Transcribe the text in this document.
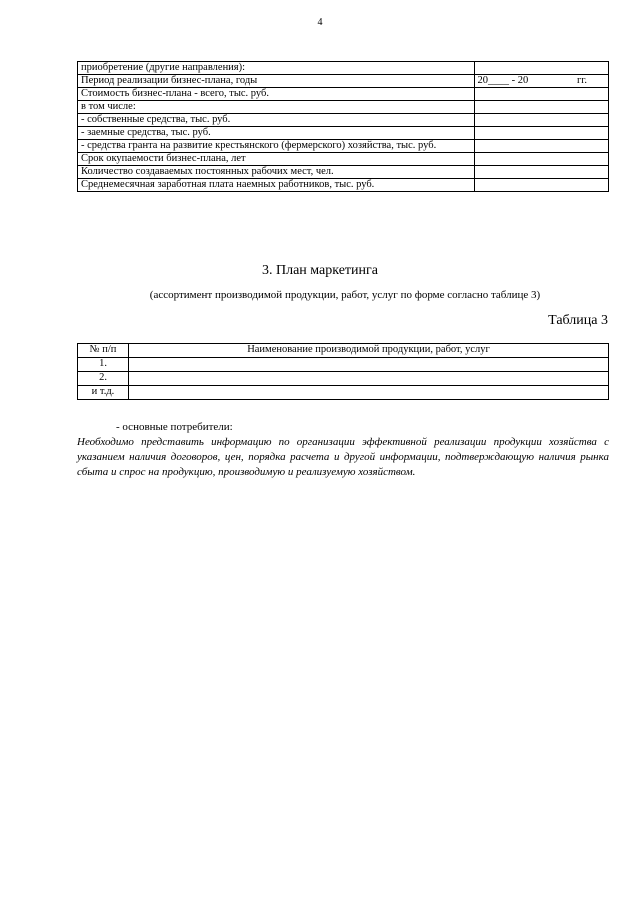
4
приобретение (другие направления):	
Период реализации бизнес-плана, годы	20____ - 20 гг.

Стоимость бизнес-плана - всего, тыс. руб.	
в том числе:	
- собственные средства, тыс. руб.	
- заемные средства, тыс. руб.	
- средства гранта на развитие крестьянского (фермерского) хозяйства, тыс. руб.	
Срок окупаемости бизнес-плана, лет	
Количество создаваемых постоянных рабочих мест, чел.	
Среднемесячная заработная плата наемных работников, тыс. руб.	
3. План маркетинга
(ассортимент производимой продукции, работ, услуг по форме согласно таблице 3)
Таблица 3
№ п/п	Наименование производимой продукции, работ, услуг
1.	
2.	
и т.д.	
- основные потребители:
Необходимо представить информацию по организации эффективной реализации продукции хозяйства с указанием наличия договоров, цен, порядка расчета и другой информации, подтверждающую наличия рынка сбыта и спрос на продукцию, производимую и реализуемую хозяйством.
